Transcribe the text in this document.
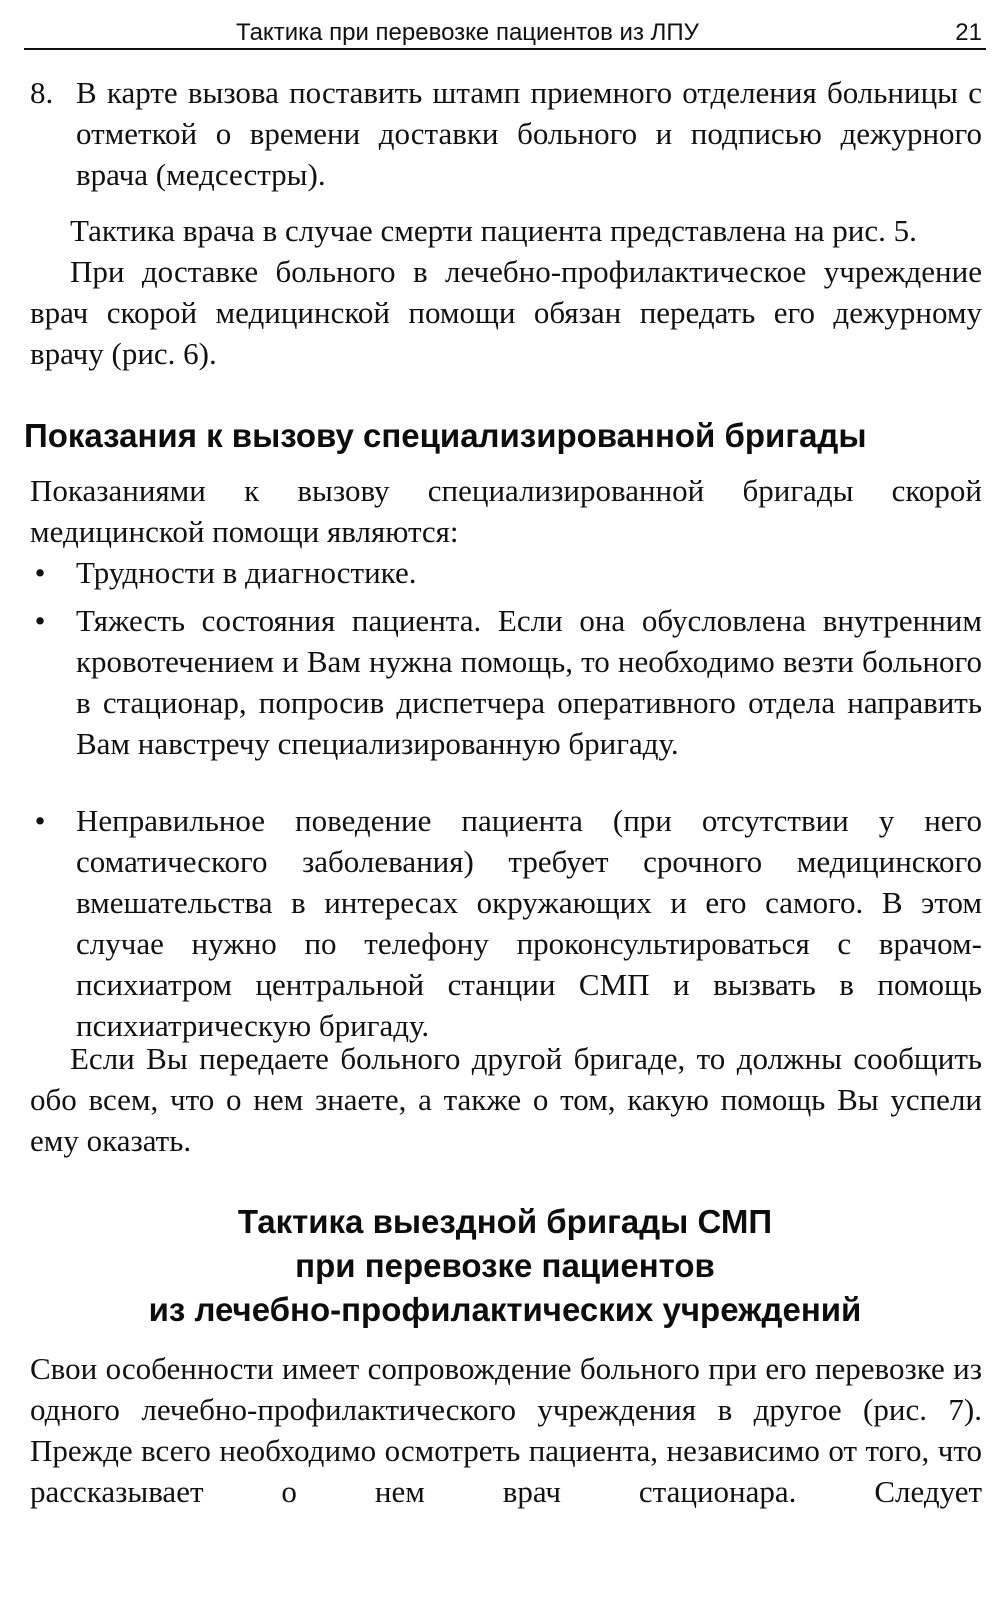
Тактика при перевозке пациентов из ЛПУ	21
8. В карте вызова поставить штамп приемного отделения больницы с отметкой о времени доставки больного и подписью дежурного врача (медсестры).
Тактика врача в случае смерти пациента представлена на рис. 5.
При доставке больного в лечебно-профилактическое учреждение врач скорой медицинской помощи обязан передать его дежурному врачу (рис. 6).
Показания к вызову специализированной бригады
Показаниями к вызову специализированной бригады скорой медицинской помощи являются:
• Трудности в диагностике.
• Тяжесть состояния пациента. Если она обусловлена внутренним кровотечением и Вам нужна помощь, то необходимо везти больного в стационар, попросив диспетчера оперативного отдела направить Вам навстречу специализированную бригаду.
• Неправильное поведение пациента (при отсутствии у него соматического заболевания) требует срочного медицинского вмешательства в интересах окружающих и его самого. В этом случае нужно по телефону проконсультироваться с врачом-психиатром центральной станции СМП и вызвать в помощь психиатрическую бригаду.
Если Вы передаете больного другой бригаде, то должны сообщить обо всем, что о нем знаете, а также о том, какую помощь Вы успели ему оказать.
Тактика выездной бригады СМП
при перевозке пациентов
из лечебно-профилактических учреждений
Свои особенности имеет сопровождение больного при его перевозке из одного лечебно-профилактического учреждения в другое (рис. 7). Прежде всего необходимо осмотреть пациента, независимо от того, что рассказывает о нем врач стационара. Следует
